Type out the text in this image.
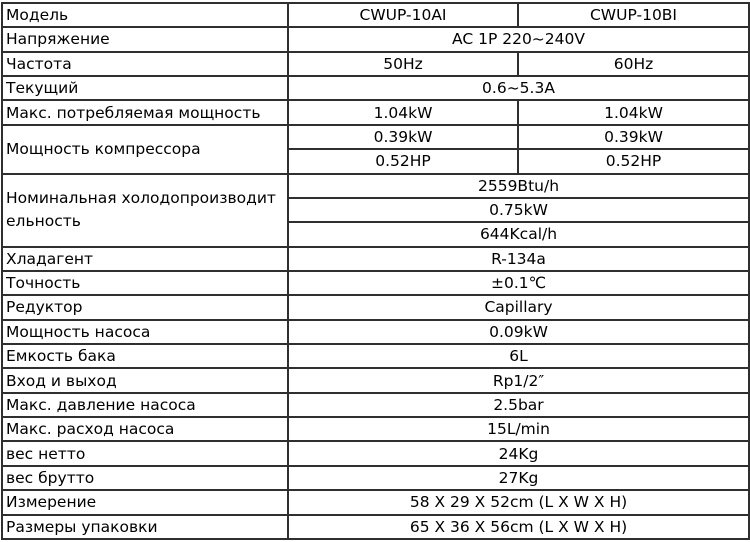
Модель	CWUP-10AI	CWUP-10BI
Напряжение	AC 1P 220~240V	
Частота	50Hz	60Hz
Текущий	0.6~5.3A	
Макс. потребляемая мощность	1.04kW	1.04kW
Мощность компрессора	0.39kW	0.39kW
	0.52HP	0.52HP
Номинальная холодопроизводительность	2559Btu/h	
	0.75kW	
	644Kcal/h	
Хладагент	R-134a	
Точность	±0.1℃	
Редуктор	Capillary	
Мощность насоса	0.09kW	
Емкость бака	6L	
Вход и выход	Rp1/2″	
Макс. давление насоса	2.5bar	
Макс. расход насоса	15L/min	
вес нетто	24Kg	
вес брутто	27Kg	
Измерение	58 X 29 X 52cm (L X W X H)	
Размеры упаковки	65 X 36 X 56cm (L X W X H)	
